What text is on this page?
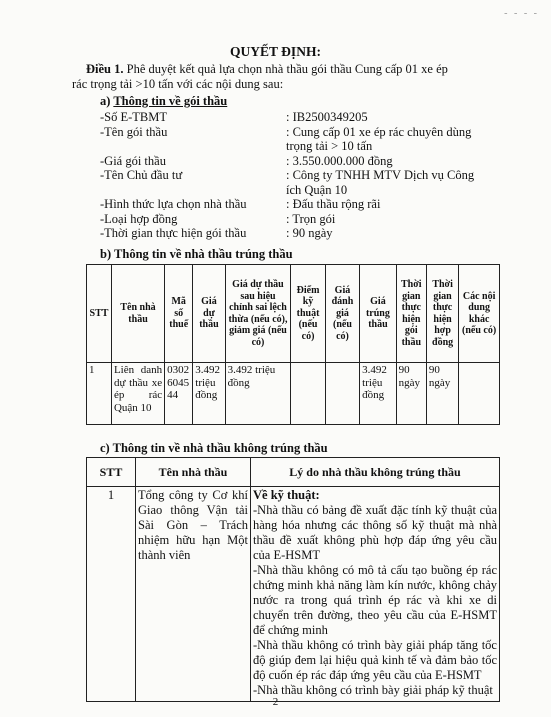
- - - -
QUYẾT ĐỊNH:
Điều 1. Phê duyệt kết quả lựa chọn nhà thầu gói thầu Cung cấp 01 xe ép
rác trọng tải >10 tấn với các nội dung sau:
a) Thông tin về gói thầu
-Số E-TBMT	: IB2500349205
-Tên gói thầu	: Cung cấp 01 xe ép rác chuyên dùng
trọng tải > 10 tấn
-Giá gói thầu	: 3.550.000.000 đồng
-Tên Chủ đầu tư	: Công ty TNHH MTV Dịch vụ Công
ích Quận 10
-Hình thức lựa chọn nhà thầu	: Đấu thầu rộng rãi
-Loại hợp đồng	: Trọn gói
-Thời gian thực hiện gói thầu	: 90 ngày
b) Thông tin về nhà thầu trúng thầu
STT	Tên nhà thầu	Mã số thuế	Giá dự thầu	Giá dự thầu sau hiệu chỉnh sai lệch thừa (nếu có), giảm giá (nếu có)	Điểm kỹ thuật (nếu có)	Giá đánh giá (nếu có)	Giá trúng thầu	Thời gian thực hiện gói thầu	Thời gian thực hiện hợp đồng	Các nội dung khác (nếu có)
1	Liên danh dự thầu xe ép rác Quận 10	0302 6045 44	3.492 triệu đồng	3.492 triệu đồng			3.492 triệu đồng	90 ngày	90 ngày	
c) Thông tin về nhà thầu không trúng thầu
STT	Tên nhà thầu	Lý do nhà thầu không trúng thầu
1	Tổng công ty Cơ khí Giao thông Vận tải Sài Gòn – Trách nhiệm hữu hạn Một thành viên	Về kỹ thuật:
-Nhà thầu có bảng đề xuất đặc tính kỹ thuật của hàng hóa nhưng các thông số kỹ thuật mà nhà thầu đề xuất không phù hợp đáp ứng yêu cầu của E-HSMT
-Nhà thầu không có mô tả cấu tạo buồng ép rác chứng minh khả năng làm kín nước, không chảy nước ra trong quá trình ép rác và khi xe di chuyển trên đường, theo yêu cầu của E-HSMT để chứng minh
-Nhà thầu không có trình bày giải pháp tăng tốc độ giúp đem lại hiệu quả kinh tế và đảm bảo tốc độ cuốn ép rác đáp ứng yêu cầu của E-HSMT
-Nhà thầu không có trình bày giải pháp kỹ thuật
2
